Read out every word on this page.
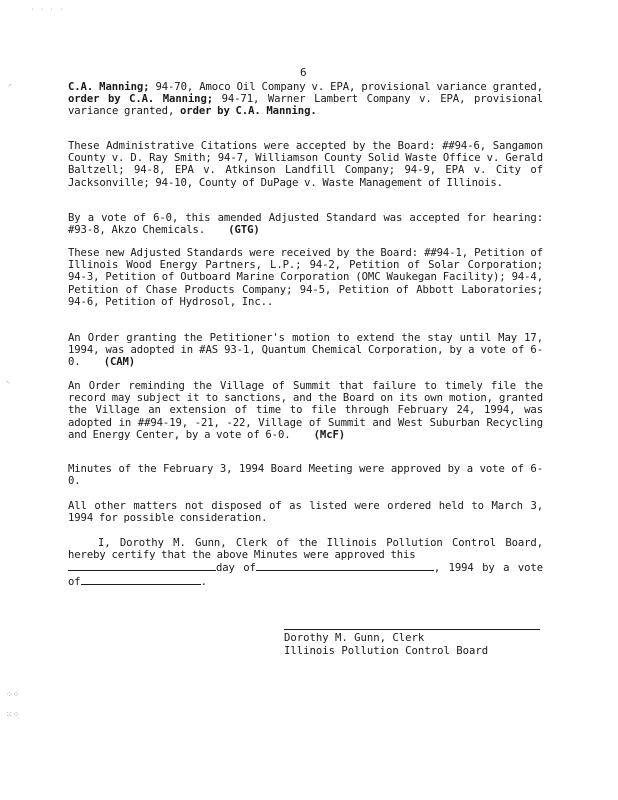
6
C.A. Manning; 94-70, Amoco Oil Company v. EPA, provisional variance granted, order by C.A. Manning; 94-71, Warner Lambert Company v. EPA, provisional variance granted, order by C.A. Manning.
These Administrative Citations were accepted by the Board: ##94-6, Sangamon County v. D. Ray Smith; 94-7, Williamson County Solid Waste Office v. Gerald Baltzell; 94-8, EPA v. Atkinson Landfill Company; 94-9, EPA v. City of Jacksonville; 94-10, County of DuPage v. Waste Management of Illinois.
By a vote of 6-0, this amended Adjusted Standard was accepted for hearing: #93-8, Akzo Chemicals. (GTG)
These new Adjusted Standards were received by the Board: ##94-1, Petition of Illinois Wood Energy Partners, L.P.; 94-2, Petition of Solar Corporation; 94-3, Petition of Outboard Marine Corporation (OMC Waukegan Facility); 94-4, Petition of Chase Products Company; 94-5, Petition of Abbott Laboratories; 94-6, Petition of Hydrosol, Inc..
An Order granting the Petitioner's motion to extend the stay until May 17, 1994, was adopted in #AS 93-1, Quantum Chemical Corporation, by a vote of 6-0. (CAM)
An Order reminding the Village of Summit that failure to timely file the record may subject it to sanctions, and the Board on its own motion, granted the Village an extension of time to file through February 24, 1994, was adopted in ##94-19, -21, -22, Village of Summit and West Suburban Recycling and Energy Center, by a vote of 6-0. (McF)
Minutes of the February 3, 1994 Board Meeting were approved by a vote of 6-0.
All other matters not disposed of as listed were ordered held to March 3, 1994 for possible consideration.
I, Dorothy M. Gunn, Clerk of the Illinois Pollution Control Board, hereby certify that the above Minutes were approved this
day of	, 1994 by a vote of	.
Dorothy M. Gunn, Clerk
Illinois Pollution Control Board
˙ ˙ ˙ ˙
⸝
⸜
⁘⁘
⁙⁘
